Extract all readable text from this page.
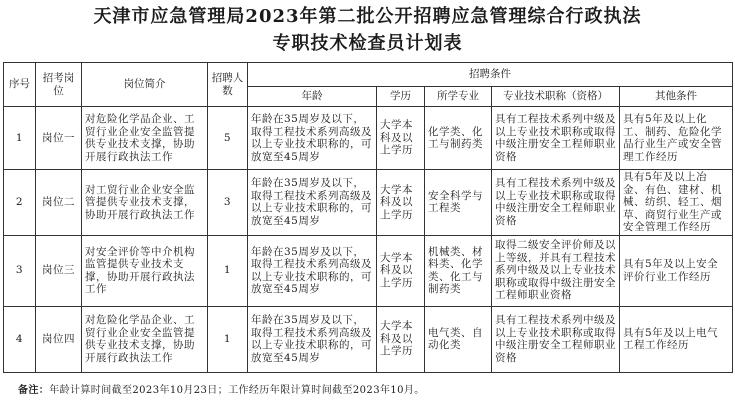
天津市应急管理局2023年第二批公开招聘应急管理综合行政执法
专职技术检查员计划表
序号	招考岗位	岗位简介	招聘人数	招聘条件				
				年龄	学历	所学专业	专业技术职称（资格）	其他条件
1	岗位一	对危险化学品企业、工贸行业企业安全监管提供专业技术支撑，协助开展行政执法工作	5	年龄在35周岁及以下，取得工程技术系列高级及以上专业技术职称的，可放宽至45周岁	大学本科及以上学历	化学类、化工与制药类	具有工程技术系列中级及以上专业技术职称或取得中级注册安全工程师职业资格	具有5年及以上化工、制药、危险化学品行业生产或安全管理工作经历
2	岗位二	对工贸行业企业安全监管提供专业技术支撑，协助开展行政执法工作	3	年龄在35周岁及以下，取得工程技术系列高级及以上专业技术职称的，可放宽至45周岁	大学本科及以上学历	安全科学与工程类	具有工程技术系列中级及以上专业技术职称或取得中级注册安全工程师职业资格	具有5年及以上冶金、有色、建材、机械、纺织、轻工、烟草、商贸行业生产或安全管理工作经历
3	岗位三	对安全评价等中介机构监管提供专业技术支撑，协助开展行政执法工作	1	年龄在35周岁及以下，取得工程技术系列高级及以上专业技术职称的，可放宽至45周岁	大学本科及以上学历	机械类、材料类、化学类、化工与制药类	取得二级安全评价师及以上等级，并具有工程技术系列中级及以上专业技术职称或取得中级注册安全工程师职业资格	具有5年及以上安全评价行业工作经历
4	岗位四	对危险化学品企业、工贸行业企业安全监管提供专业技术支撑，协助开展行政执法工作	1	年龄在35周岁及以下，取得工程技术系列高级及以上专业技术职称的，可放宽至45周岁	大学本科及以上学历	电气类、自动化类	具有工程技术系列中级及以上专业技术职称或取得中级注册安全工程师职业资格	具有5年及以上电气工程工作经历
备注：年龄计算时间截至2023年10月23日；工作经历年限计算时间截至2023年10月。
